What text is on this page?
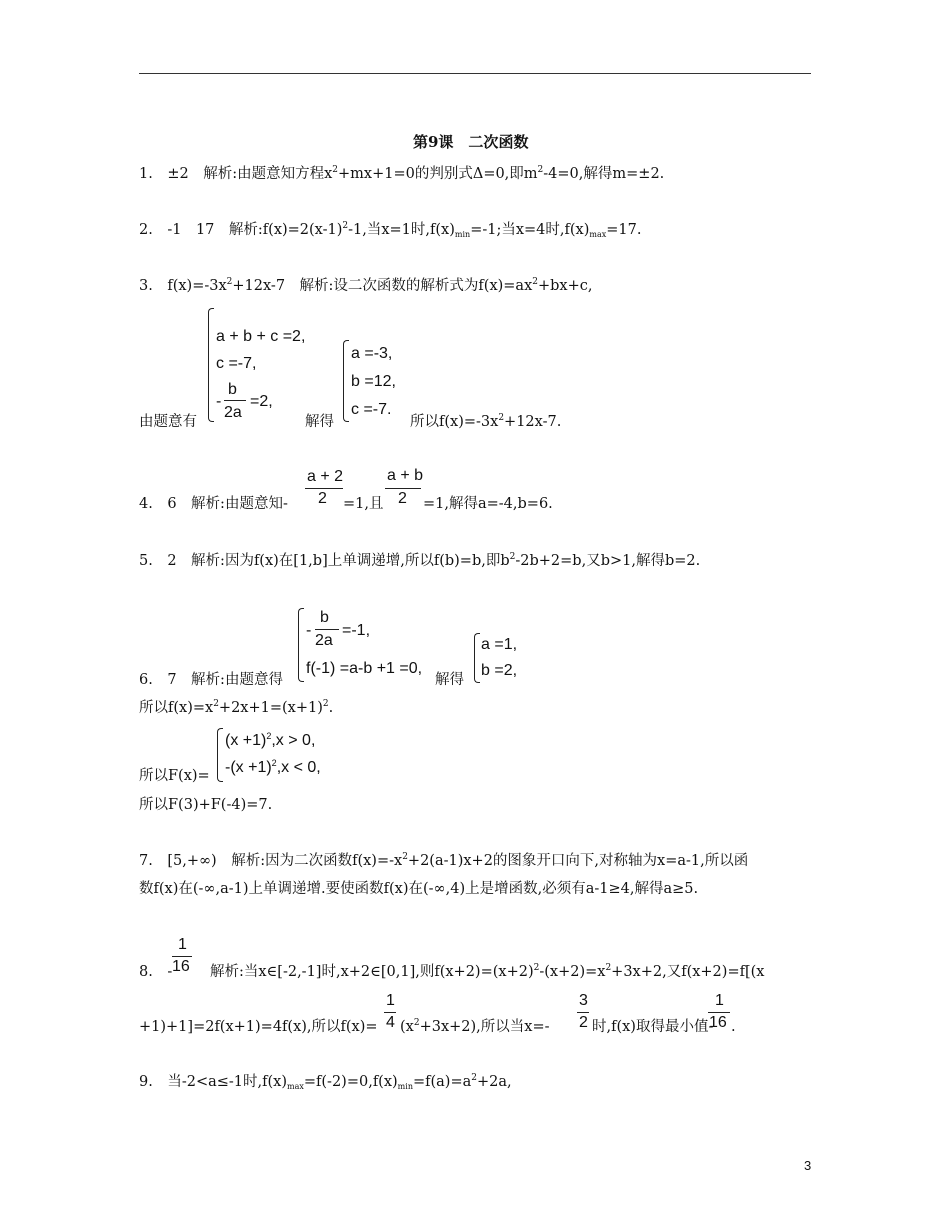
第9课　二次函数
1.　±2　解析:由题意知方程$x^2+mx+1=0$的判别式Δ=0,即$m^2-4=0$,解得m=±2.
2.　-1　17　解析$:f(x)=2(x-1)^2-1$,当x=1时$,f(x)_{min}=-1$;当x=4时$,f(x)_{max}=17$.
3.　$f(x)=-3x^2+12x-7$　解析:设二次函数的解析式为$f(x)=ax^2+bx+c$,
由题意有
a + b + c =2,
c =-7,
-
b
2a
=2,
解得
a =-3,
b =12,
c =-7.
所以$f(x)=-3x^2+12x-7$.
4.　6　解析:由题意知-
a + 2
2 =1,且
a + b
2 =1,解得a=-4,b=6.
5.　2　解析:因为f(x)在[1,b]上单调递增,所以f(b)=b,即$b^2-2b+2=b$,又b>1,解得b=2.
6.　7　解析:由题意得
-
b
2a
=-1,
f(-1) =a-b +1 =0,
解得
a =1,
b =2,
所以$f(x)=x^2+2x+1=(x+1)^2$.
所以F(x)=
$(x +1)^2,x > 0$,
$-(x +1)^2,x < 0$,
所以F(3)+F(-4)=7.
7.　[5,+∞)　解析:因为二次函数$f(x)=-x^2+2(a-1)x+2$的图象开口向下,对称轴为x=a-1,所以函
数f(x)在(-∞,a-1)上单调递增.要使函数f(x)在(-∞,4)上是增函数,必须有a-1≥4,解得a≥5.
8.　-
1
16 解析:当x∈[-2,-1]时,x+2∈[0,1],则$f(x+2)=(x+2)^2-(x+2)=x^2+3x+2$,又f(x+2)=f[(x
+1)+1]=2f(x+1)=4f(x),所以f(x)=
1
4 $(x^2+3x+2)$,所以当x=-
3
2 时,f(x)取得最小值-
1
16 .
9.　当-2<a≤-1时$,f(x)_{max}=f(-2)=0,f(x)_{min}=f(a)=a^2+2a$,
3
